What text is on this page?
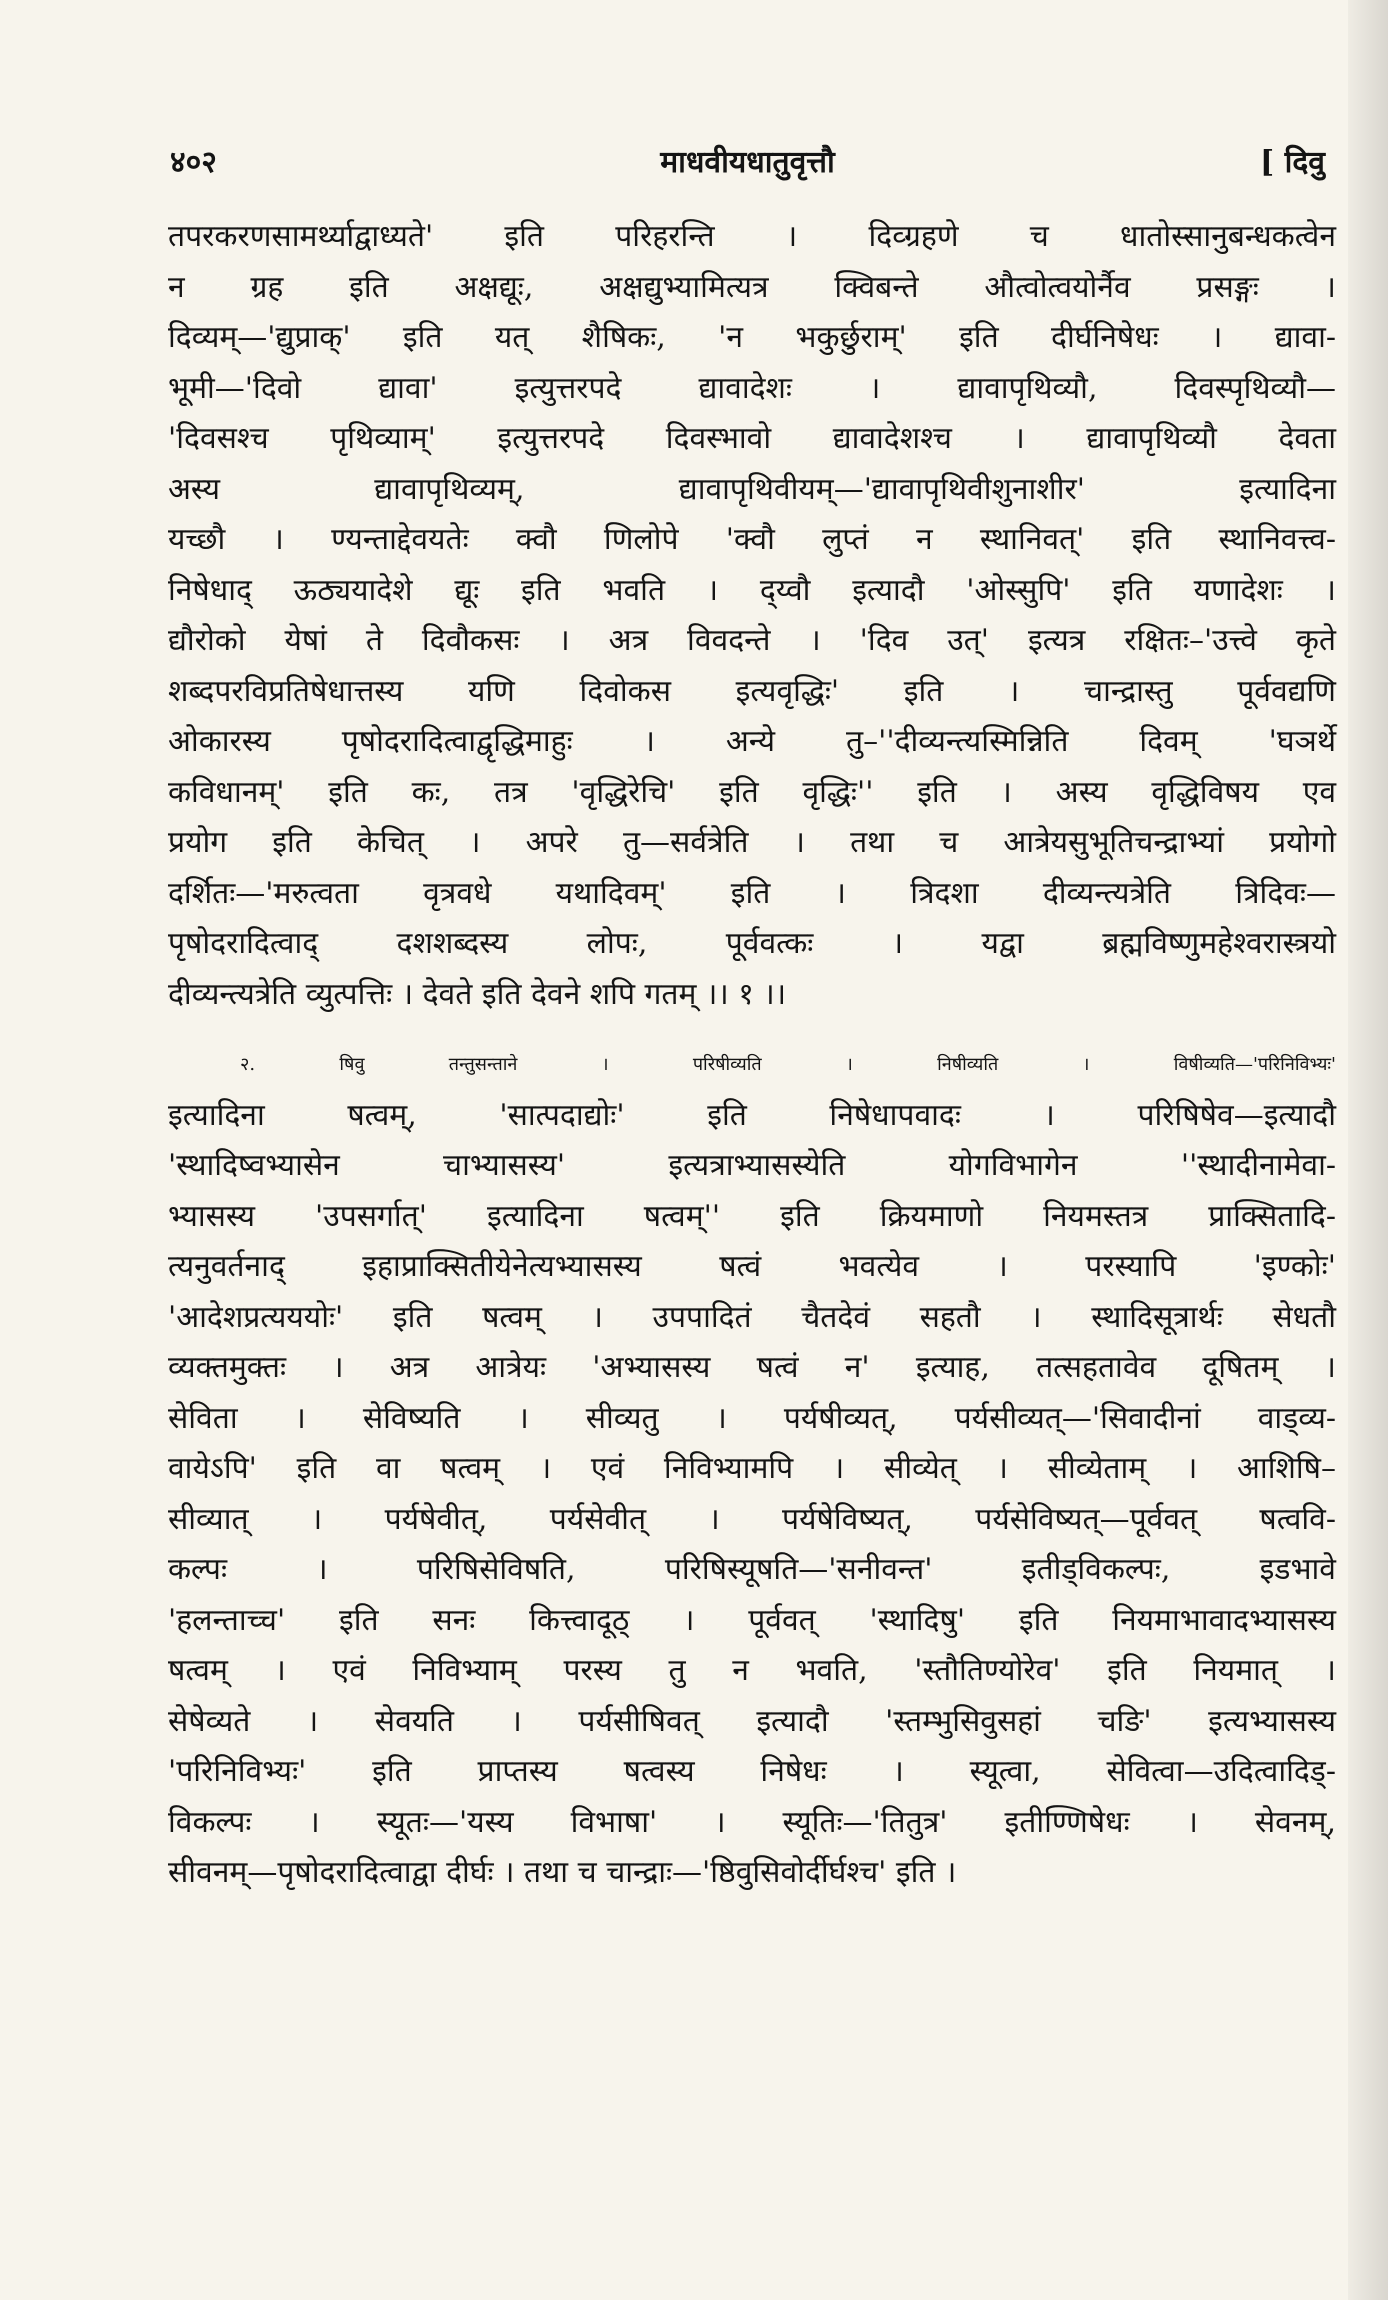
४०२	माधवीयधातुवृत्तौ	[ दिवु
तपरकरणसामर्थ्याद्वाध्यते' इति परिहरन्ति । दिव्ग्रहणे च धातोस्सानुबन्धकत्वेन
न ग्रह इति अक्षद्यूः, अक्षद्युभ्यामित्यत्र क्विबन्ते औत्वोत्वयोर्नैव प्रसङ्गः ।
दिव्यम्—'द्युप्राक्' इति यत् शैषिकः, 'न भकुर्छुराम्' इति दीर्घनिषेधः । द्यावा-
भूमी—'दिवो द्यावा' इत्युत्तरपदे द्यावादेशः । द्यावापृथिव्यौ, दिवस्पृथिव्यौ—
'दिवसश्च पृथिव्याम्' इत्युत्तरपदे दिवस्भावो द्यावादेशश्च । द्यावापृथिव्यौ देवता
अस्य द्यावापृथिव्यम्, द्यावापृथिवीयम्—'द्यावापृथिवीशुनाशीर' इत्यादिना
यच्छौ । ण्यन्ताद्देवयतेः क्वौ णिलोपे 'क्वौ लुप्तं न स्थानिवत्' इति स्थानिवत्त्व-
निषेधाद् ऊठ्ययादेशे द्यूः इति भवति । द्य्वौ इत्यादौ 'ओस्सुपि' इति यणादेशः ।
द्यौरोको येषां ते दिवौकसः । अत्र विवदन्ते । 'दिव उत्' इत्यत्र रक्षितः–'उत्त्वे कृते
शब्दपरविप्रतिषेधात्तस्य यणि दिवोकस इत्यवृद्धिः' इति । चान्द्रास्तु पूर्ववद्यणि
ओकारस्य पृषोदरादित्वाद्वृद्धिमाहुः । अन्ये तु–''दीव्यन्त्यस्मिन्निति दिवम् 'घञर्थे
कविधानम्' इति कः, तत्र 'वृद्धिरेचि' इति वृद्धिः'' इति । अस्य वृद्धिविषय एव
प्रयोग इति केचित् । अपरे तु—सर्वत्रेति । तथा च आत्रेयसुभूतिचन्द्राभ्यां प्रयोगो
दर्शितः—'मरुत्वता वृत्रवधे यथादिवम्' इति । त्रिदशा दीव्यन्त्यत्रेति त्रिदिवः—
पृषोदरादित्वाद् दशशब्दस्य लोपः, पूर्ववत्कः । यद्वा ब्रह्मविष्णुमहेश्वरास्त्रयो
दीव्यन्त्यत्रेति व्युत्पत्तिः । देवते इति देवने शपि गतम् ।। १ ।।
२. षिवु तन्तुसन्ताने । परिषीव्यति । निषीव्यति । विषीव्यति—'परिनिविभ्यः'
इत्यादिना षत्वम्, 'सात्पदाद्योः' इति निषेधापवादः । परिषिषेव—इत्यादौ
'स्थादिष्वभ्यासेन चाभ्यासस्य' इत्यत्राभ्यासस्येति योगविभागेन ''स्थादीनामेवा-
भ्यासस्य 'उपसर्गात्' इत्यादिना षत्वम्'' इति क्रियमाणो नियमस्तत्र प्राक्सितादि-
त्यनुवर्तनाद् इहाप्राक्सितीयेनेत्यभ्यासस्य षत्वं भवत्येव । परस्यापि 'इण्कोः'
'आदेशप्रत्यययोः' इति षत्वम् । उपपादितं चैतदेवं सहतौ । स्थादिसूत्रार्थः सेधतौ
व्यक्तमुक्तः । अत्र आत्रेयः 'अभ्यासस्य षत्वं न' इत्याह, तत्सहतावेव दूषितम् ।
सेविता । सेविष्यति । सीव्यतु । पर्यषीव्यत्, पर्यसीव्यत्—'सिवादीनां वाड्व्य-
वायेऽपि' इति वा षत्वम् । एवं निविभ्यामपि । सीव्येत् । सीव्येताम् । आशिषि–
सीव्यात् । पर्यषेवीत्, पर्यसेवीत् । पर्यषेविष्यत्, पर्यसेविष्यत्—पूर्ववत् षत्ववि-
कल्पः । परिषिसेविषति, परिषिस्यूषति—'सनीवन्त' इतीड्विकल्पः, इडभावे
'हलन्ताच्च' इति सनः कित्त्वादूठ् । पूर्ववत् 'स्थादिषु' इति नियमाभावादभ्यासस्य
षत्वम् । एवं निविभ्याम् परस्य तु न भवति, 'स्तौतिण्योरेव' इति नियमात् ।
सेषेव्यते । सेवयति । पर्यसीषिवत् इत्यादौ 'स्तम्भुसिवुसहां चङि' इत्यभ्यासस्य
'परिनिविभ्यः' इति प्राप्तस्य षत्वस्य निषेधः । स्यूत्वा, सेवित्वा—उदित्वादिड्-
विकल्पः । स्यूतः—'यस्य विभाषा' । स्यूतिः—'तितुत्र' इतीण्णिषेधः । सेवनम्,
सीवनम्—पृषोदरादित्वाद्वा दीर्घः । तथा च चान्द्राः—'ष्ठिवुसिवोर्दीर्घश्च' इति ।
